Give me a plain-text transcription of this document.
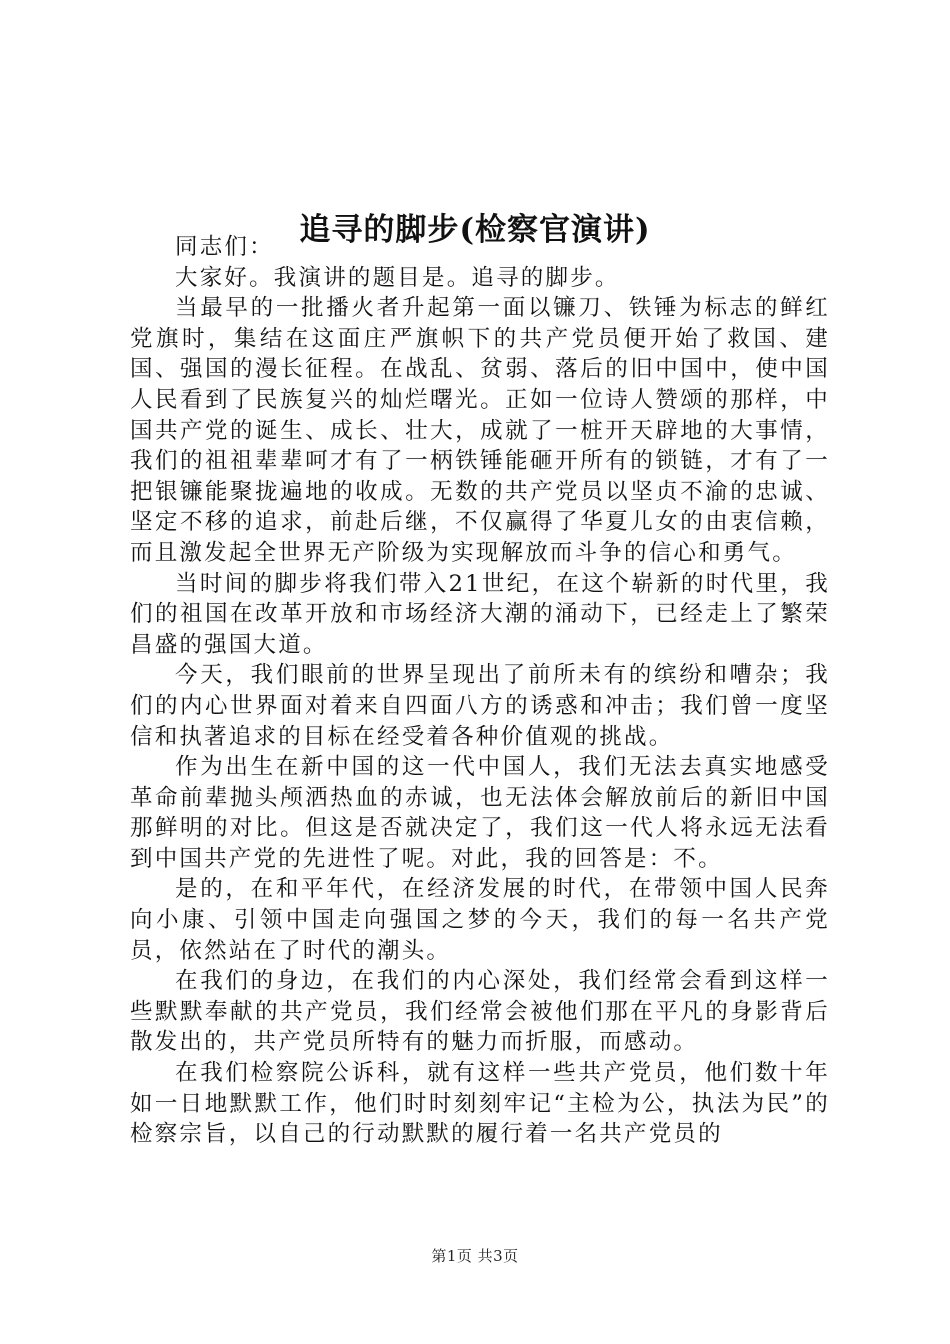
追寻的脚步(检察官演讲)

同志们：

大家好。我演讲的题目是。追寻的脚步。

当最早的一批播火者升起第一面以镰刀、铁锤为标志的鲜红党旗时，集结在这面庄严旗帜下的共产党员便开始了救国、建国、强国的漫长征程。在战乱、贫弱、落后的旧中国中，使中国人民看到了民族复兴的灿烂曙光。正如一位诗人赞颂的那样，中国共产党的诞生、成长、壮大，成就了一桩开天辟地的大事情，我们的祖祖辈辈呵才有了一柄铁锤能砸开所有的锁链，才有了一把银镰能聚拢遍地的收成。无数的共产党员以坚贞不渝的忠诚、坚定不移的追求，前赴后继，不仅赢得了华夏儿女的由衷信赖，而且激发起全世界无产阶级为实现解放而斗争的信心和勇气。

当时间的脚步将我们带入21世纪，在这个崭新的时代里，我们的祖国在改革开放和市场经济大潮的涌动下，已经走上了繁荣昌盛的强国大道。

今天，我们眼前的世界呈现出了前所未有的缤纷和嘈杂；我们的内心世界面对着来自四面八方的诱惑和冲击；我们曾一度坚信和执著追求的目标在经受着各种价值观的挑战。

作为出生在新中国的这一代中国人，我们无法去真实地感受革命前辈抛头颅洒热血的赤诚，也无法体会解放前后的新旧中国那鲜明的对比。但这是否就决定了，我们这一代人将永远无法看到中国共产党的先进性了呢。对此，我的回答是：不。

是的，在和平年代，在经济发展的时代，在带领中国人民奔向小康、引领中国走向强国之梦的今天，我们的每一名共产党员，依然站在了时代的潮头。

在我们的身边，在我们的内心深处，我们经常会看到这样一些默默奉献的共产党员，我们经常会被他们那在平凡的身影背后散发出的，共产党员所特有的魅力而折服，而感动。

在我们检察院公诉科，就有这样一些共产党员，他们数十年如一日地默默工作，他们时时刻刻牢记“主检为公，执法为民”的检察宗旨，以自己的行动默默的履行着一名共产党员的

第1页 共3页
